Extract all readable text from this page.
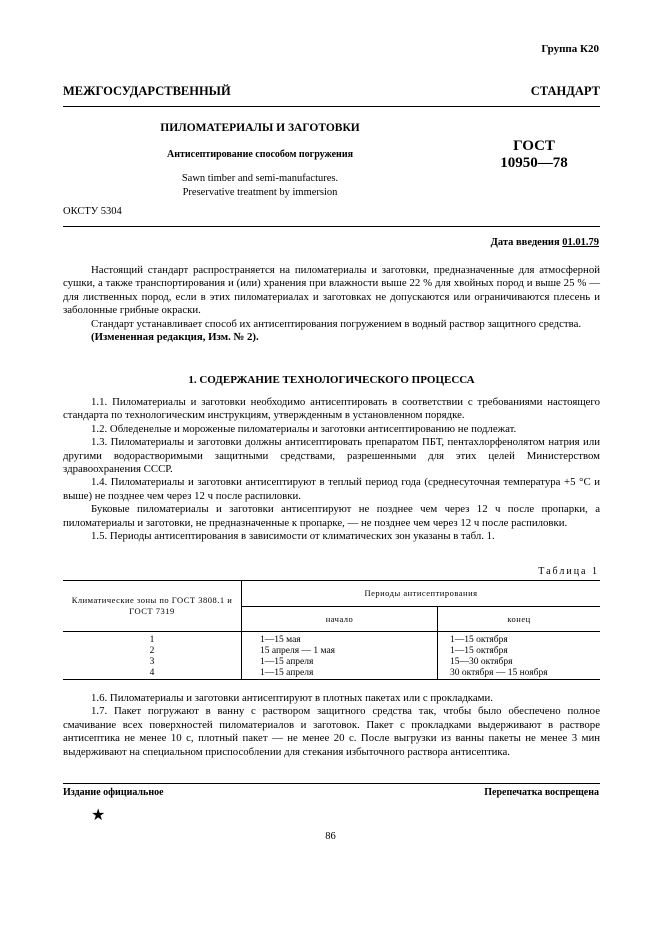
Группа К20
МЕЖГОСУДАРСТВЕННЫЙ СТАНДАРТ
ПИЛОМАТЕРИАЛЫ И ЗАГОТОВКИ
Антисептирование способом погружения
Sawn timber and semi-manufactures.
Preservative treatment by immersion
ГОСТ
10950—78
ОКСТУ 5304
Дата введения 01.01.79

Настоящий стандарт распространяется на пиломатериалы и заготовки, предназначенные для атмосферной сушки, а также транспортирования и (или) хранения при влажности выше 22 % для хвойных пород и выше 25 % — для лиственных пород, если в этих пиломатериалах и заготовках не допускаются или ограничиваются плесень и заболонные грибные окраски.

Стандарт устанавливает способ их антисептирования погружением в водный раствор защитного средства.

(Измененная редакция, Изм. № 2).

1. СОДЕРЖАНИЕ ТЕХНОЛОГИЧЕСКОГО ПРОЦЕССА

1.1. Пиломатериалы и заготовки необходимо антисептировать в соответствии с требованиями настоящего стандарта по технологическим инструкциям, утвержденным в установленном порядке.

1.2. Обледенелые и мороженые пиломатериалы и заготовки антисептированию не подлежат.

1.3. Пиломатериалы и заготовки должны антисептировать препаратом ПБТ, пентахлорфенолятом натрия или другими водорастворимыми защитными средствами, разрешенными для этих целей Министерством здравоохранения СССР.

1.4. Пиломатериалы и заготовки антисептируют в теплый период года (среднесуточная температура +5 °С и выше) не позднее чем через 12 ч после распиловки.

Буковые пиломатериалы и заготовки антисептируют не позднее чем через 12 ч после пропарки, а пиломатериалы и заготовки, не предназначенные к пропарке, — не позднее чем через 12 ч после распиловки.

1.5. Периоды антисептирования в зависимости от климатических зон указаны в табл. 1.

Таблица 1
Климатические зоны по ГОСТ 3808.1 и ГОСТ 7319	Периоды антисептирования	
	начало	конец
1	1—15 мая	1—15 октября
2	15 апреля — 1 мая	1—15 октября
3	1—15 апреля	15—30 октября
4	1—15 апреля	30 октября — 15 ноября

1.6. Пиломатериалы и заготовки антисептируют в плотных пакетах или с прокладками.

1.7. Пакет погружают в ванну с раствором защитного средства так, чтобы было обеспечено полное смачивание всех поверхностей пиломатериалов и заготовок. Пакет с прокладками выдерживают в растворе антисептика не менее 10 с, плотный пакет — не менее 20 с. После выгрузки из ванны пакеты не менее 3 мин выдерживают на специальном приспособлении для стекания избыточного раствора антисептика.

Издание официальное	Перепечатка воспрещена
★
86
